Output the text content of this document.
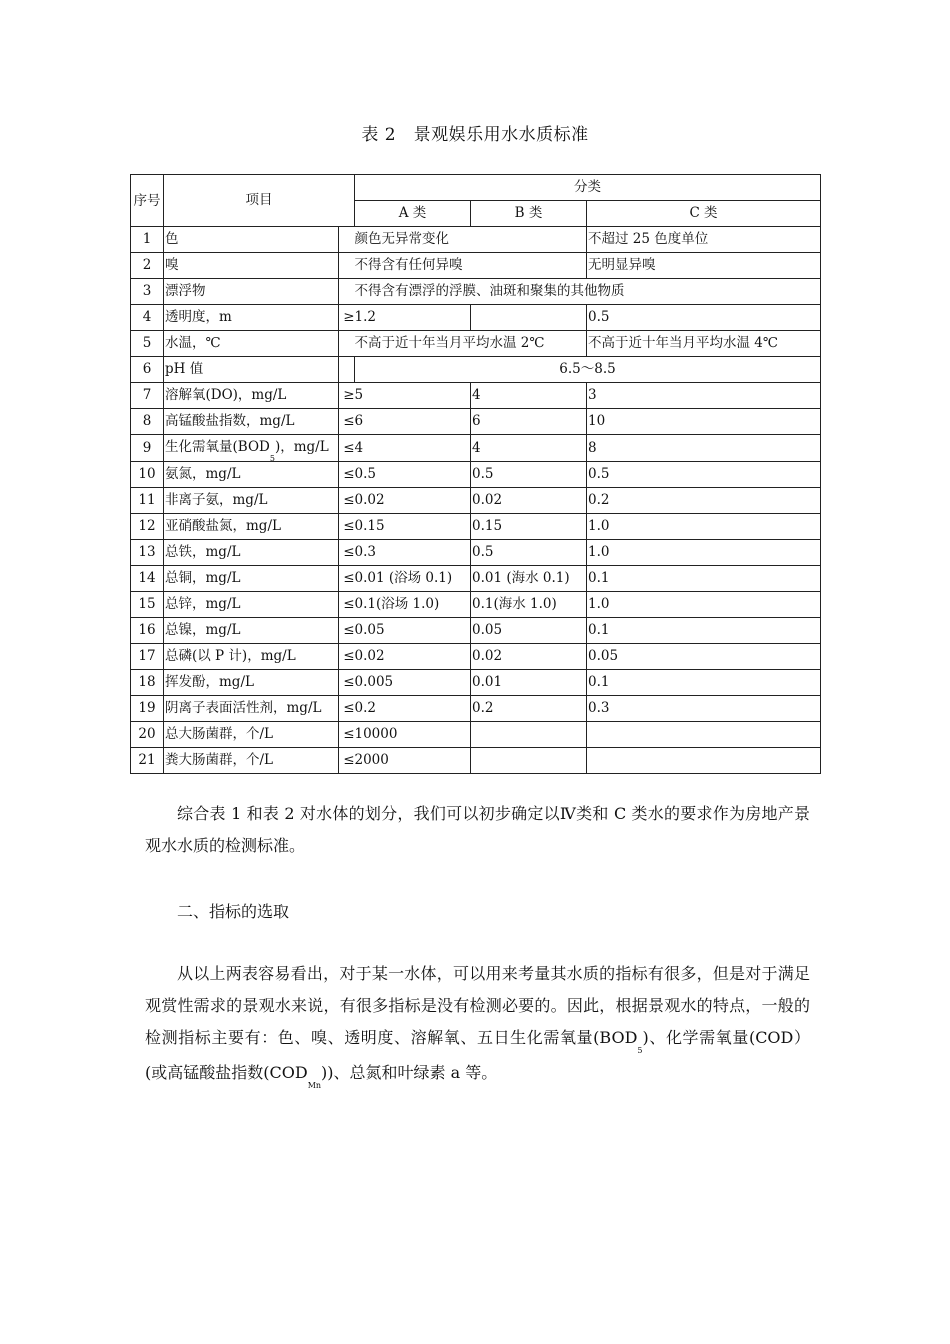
表 2　景观娱乐用水水质标准
序号	项目		分类		
			A 类	B 类	C 类
1	色		颜色无异常变化		不超过 25 色度单位
2	嗅		不得含有任何异嗅		无明显异嗅
3	漂浮物		不得含有漂浮的浮膜、油斑和聚集的其他物质		
4	透明度，m	≥	1.2		0.5
5	水温，℃		不高于近十年当月平均水温 2℃		不高于近十年当月平均水温 4℃
6	pH 值		6.5～8.5		
7	溶解氧(DO)，mg/L	≥	5	4	3
8	高锰酸盐指数，mg/L	≤	6	6	10
9	生化需氧量$(BOD_5)$，mg/L	≤	4	4	8
10	氨氮，mg/L	≤	0.5	0.5	0.5
11	非离子氨，mg/L	≤	0.02	0.02	0.2
12	亚硝酸盐氮，mg/L	≤	0.15	0.15	1.0
13	总铁，mg/L	≤	0.3	0.5	1.0
14	总铜，mg/L	≤	0.01 (浴场 0.1)	0.01 (海水 0.1)	0.1
15	总锌，mg/L	≤	0.1(浴场 1.0)	0.1(海水 1.0)	1.0
16	总镍，mg/L	≤	0.05	0.05	0.1
17	总磷(以 P 计)，mg/L	≤	0.02	0.02	0.05
18	挥发酚，mg/L	≤	0.005	0.01	0.1
19	阴离子表面活性剂，mg/L	≤	0.2	0.2	0.3
20	总大肠菌群，个/L	≤	10000		
21	粪大肠菌群，个/L	≤	2000		
综合表 1 和表 2 对水体的划分，我们可以初步确定以Ⅳ类和 C 类水的要求作为房地产景观水水质的检测标准。
二、指标的选取
从以上两表容易看出，对于某一水体，可以用来考量其水质的指标有很多，但是对于满足观赏性需求的景观水来说，有很多指标是没有检测必要的。因此，根据景观水的特点，一般的检测指标主要有：色、嗅、透明度、溶解氧、五日生化需氧量$(BOD_5)$、化学需氧量(COD）(或高锰酸盐指数$(COD_{Mn})$)、总氮和叶绿素 a 等。
